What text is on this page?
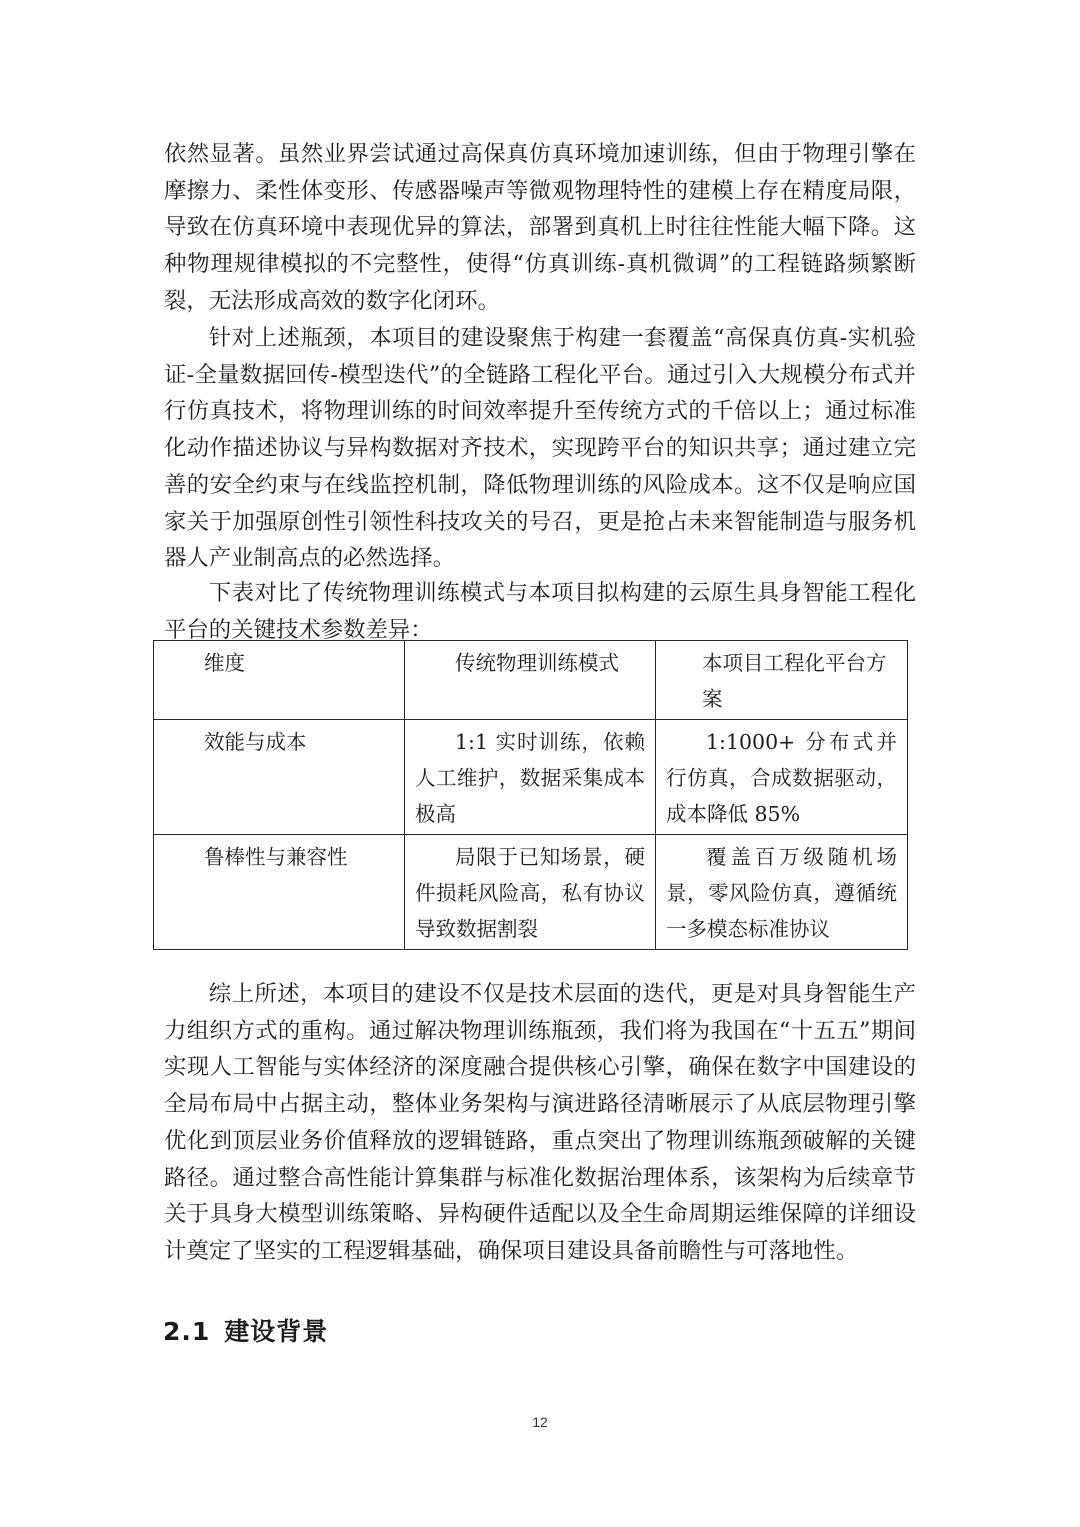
依然显著。虽然业界尝试通过高保真仿真环境加速训练，但由于物理引擎在摩擦力、柔性体变形、传感器噪声等微观物理特性的建模上存在精度局限，导致在仿真环境中表现优异的算法，部署到真机上时往往性能大幅下降。这种物理规律模拟的不完整性，使得“仿真训练-真机微调”的工程链路频繁断裂，无法形成高效的数字化闭环。

针对上述瓶颈，本项目的建设聚焦于构建一套覆盖“高保真仿真-实机验证-全量数据回传-模型迭代”的全链路工程化平台。通过引入大规模分布式并行仿真技术，将物理训练的时间效率提升至传统方式的千倍以上；通过标准化动作描述协议与异构数据对齐技术，实现跨平台的知识共享；通过建立完善的安全约束与在线监控机制，降低物理训练的风险成本。这不仅是响应国家关于加强原创性引领性科技攻关的号召，更是抢占未来智能制造与服务机器人产业制高点的必然选择。

下表对比了传统物理训练模式与本项目拟构建的云原生具身智能工程化平台的关键技术参数差异：

维度	传统物理训练模式	本项目工程化平台方案
效能与成本	1:1 实时训练，依赖人工维护，数据采集成本极高	1:1000+ 分布式并行仿真，合成数据驱动，成本降低 85%
鲁棒性与兼容性	局限于已知场景，硬件损耗风险高，私有协议导致数据割裂	覆盖百万级随机场景，零风险仿真，遵循统一多模态标准协议

综上所述，本项目的建设不仅是技术层面的迭代，更是对具身智能生产力组织方式的重构。通过解决物理训练瓶颈，我们将为我国在“十五五”期间实现人工智能与实体经济的深度融合提供核心引擎，确保在数字中国建设的全局布局中占据主动，整体业务架构与演进路径清晰展示了从底层物理引擎优化到顶层业务价值释放的逻辑链路，重点突出了物理训练瓶颈破解的关键路径。通过整合高性能计算集群与标准化数据治理体系，该架构为后续章节关于具身大模型训练策略、异构硬件适配以及全生命周期运维保障的详细设计奠定了坚实的工程逻辑基础，确保项目建设具备前瞻性与可落地性。

2.1 建设背景
12
